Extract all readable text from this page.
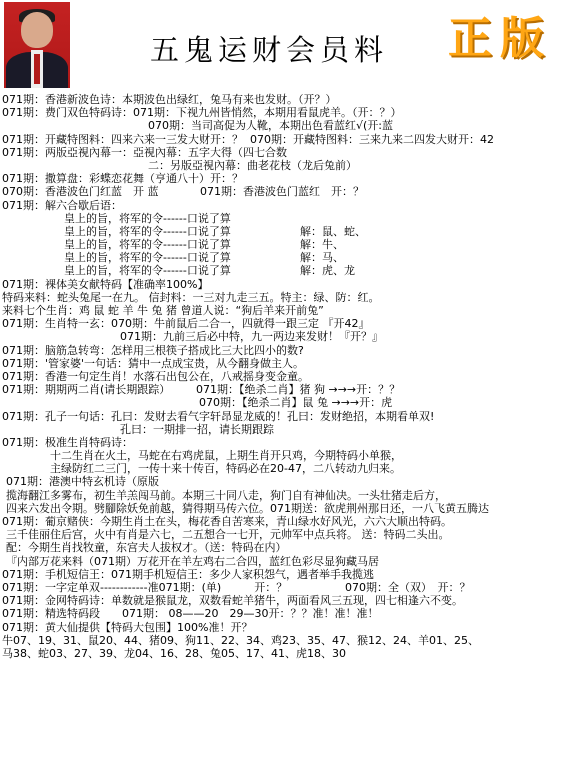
五鬼运财会员料 正版
071期：香港新波色诗：本期波色出绿红，兔马有来也发财。（开？）
071期：费门双色特码诗：071期：下视九州皆悄然，本期用看鼠虎羊。（开：？）
070期：当司高促为人靴，本期出色看蓝红√(开:蓝
071期：开藏特图料：四来六来一三发大财开：？ 070期：开藏特图料：三来九来二四发大财开：42
071期：两版亞視內幕一：亞視內幕：五字大得（四七合数
二：另版亞視內幕：曲老花枝（龙后兔前）
071期：撒算盘：彩蝶恋花舞（亨通八十）开：？
070期：香港波色门红蓝　开 蓝	071期：香港波色门蓝红　开：？
071期：解六合歇后语：
皇上的旨，将军的令------口说了算
皇上的旨，将军的令------口说了算	解：鼠、蛇、
皇上的旨，将军的令------口说了算	解：牛、
皇上的旨，将军的令------口说了算	解：马、
皇上的旨，将军的令------口说了算	解：虎、龙
071期：裸体美女献特码【准确率100%】
特码来料：蛇头兔尾一在九。 信封料：一三对九走三五。特主：绿、防：红。
来料七个生肖：鸡 鼠 蛇 羊 牛 兔 猪 曾道人说：“狗后羊来开前兔”
071期：生肖特一玄：070期：牛前鼠后二合一，四就得一跟三定 『开42』
071期：九前三后必中特，九一两边来发财！『开？』
071期：脑筋急转弯：怎样用三根筷子搭成比三大比四小的数?
071期：'管家婆'一句话：猜中一点成宝贵，从今翻身做主人。
071期：香港一句定生肖！水落石出包公在，八戒摇身变金童。
071期：期期两二肖(请长期跟踪） 071期：【绝杀二肖】猪 狗 →→→开：？？
070期：【绝杀二肖】鼠 兔 →→→开：虎
071期：孔子一句话：孔曰：发财去看气字轩昂显龙威的！孔曰：发财绝招，本期看单双!
孔曰：一期排一招，请长期跟踪
071期：极准生肖特码诗：
十二生肖在火土，马蛇在右鸡虎鼠，上期生肖开只鸡，今期特码小单猴，
主绿防红二三门，一传十来十传百，特码必在20-47，二八转动九归来。
071期：港澳中特玄机诗（原版
揽海翻江多雾布，初生羊羔闯马前。本期三十同八走，狗门自有神仙决。一头壮猪走后方，
四来六发出令期。劈腳除妖免前越，猜得期马传六位。071期送：欲虎荆州那日还，一八飞黄五腾达
071期：葡京赌侠：今期生肖土在头，梅花香自苦寒来，青山绿水好风光，六六大顺出特码。
三千佳丽住后宫，火中有肖是六七，二五想合一七开，元帅军中点兵将。 送：特码二头出。
配：今期生肖找牧童，东宫夫人拔权才。（送：特码在内）
『内部万花来料（071期）万花开在羊左鸡右二合四，蓝红色彩尽显狗藏马居
071期：手机短信王：071期手机短信王：多少人家积怨气，遇者举手我揽逃
071期：一字定单双------------准071期：(单)　　　开：？	070期：全（双）　开：？
071期：金网特码诗：单数就是猴鼠龙，双数看蛇羊猪牛，两面看风三五现，四七相逢六不变。
071期：精选特码段　　071期： 08——20　29—30开：？？准！准！准！
071期：黄大仙提供【特码大包围】100%准！开？
牛07、19、31、鼠20、44、猪09、狗11、22、34、鸡23、35、47、猴12、24、羊01、25、
马38、蛇03、27、39、龙04、16、28、兔05、17、41、虎18、30
